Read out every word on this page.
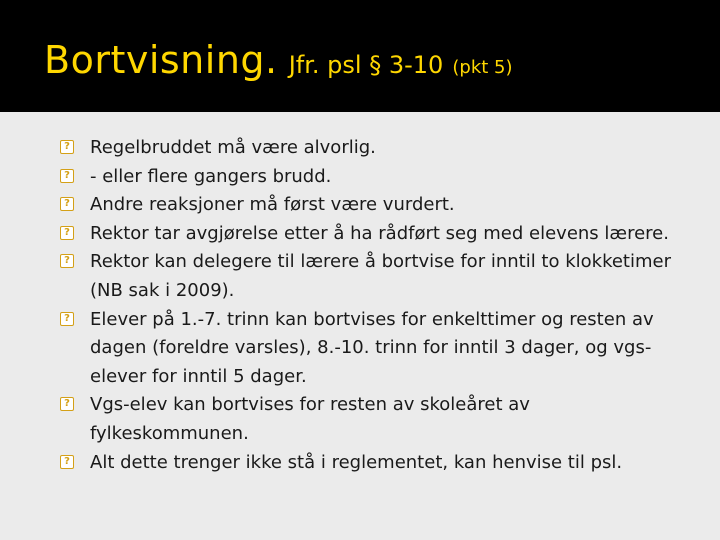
Bortvisning. Jfr. psl § 3-10 (pkt 5)
?
Regelbruddet må være alvorlig.
?
- eller flere gangers brudd.
?
Andre reaksjoner må først være vurdert.
?
Rektor tar avgjørelse etter å ha rådført seg med elevens lærere.
?
Rektor kan delegere til lærere å bortvise for inntil to klokketimer (NB sak i 2009).
?
Elever på 1.-7. trinn kan bortvises for enkelttimer og resten av dagen (foreldre varsles), 8.-10. trinn for inntil 3 dager, og vgs-elever for inntil 5 dager.
?
Vgs-elev kan bortvises for resten av skoleåret av fylkeskommunen.
?
Alt dette trenger ikke stå i reglementet, kan henvise til psl.
